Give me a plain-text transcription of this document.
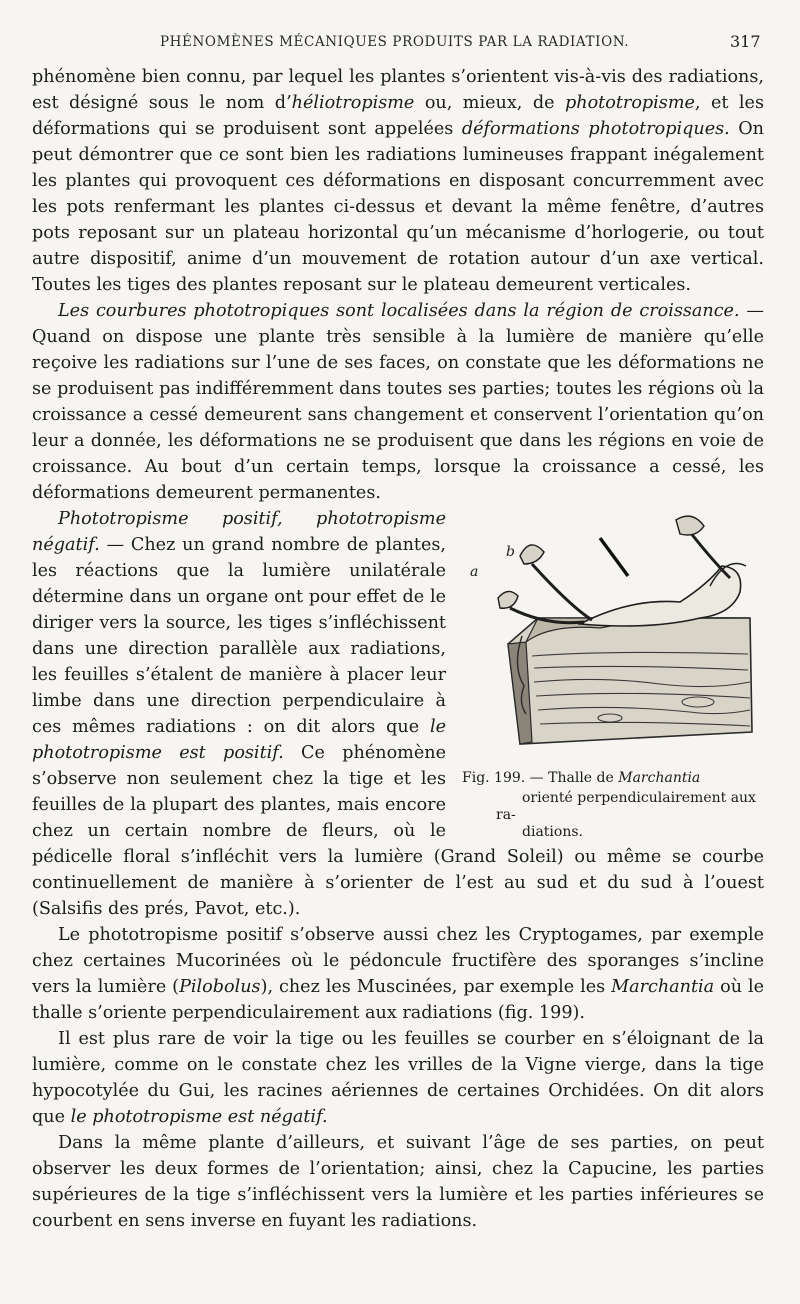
PHÉNOMÈNES MÉCANIQUES PRODUITS PAR LA RADIATION.	317

phénomène bien connu, par lequel les plantes s’orientent vis-à-vis des radiations, est désigné sous le nom d’héliotropisme ou, mieux, de phototropisme, et les déformations qui se produisent sont appelées déformations phototropiques. On peut démontrer que ce sont bien les radiations lumineuses frappant inégalement les plantes qui provoquent ces déformations en disposant concurremment avec les pots renfermant les plantes ci-dessus et devant la même fenêtre, d’autres pots reposant sur un plateau horizontal qu’un mécanisme d’horlogerie, ou tout autre dispositif, anime d’un mouvement de rotation autour d’un axe vertical. Toutes les tiges des plantes reposant sur le plateau demeurent verticales.

Les courbures phototropiques sont localisées dans la région de croissance. — Quand on dispose une plante très sensible à la lumière de manière qu’elle reçoive les radiations sur l’une de ses faces, on constate que les déformations ne se produisent pas indifféremment dans toutes ses parties; toutes les régions où la croissance a cessé demeurent sans changement et conservent l’orientation qu’on leur a donnée, les déformations ne se produisent que dans les régions en voie de croissance. Au bout d’un certain temps, lorsque la croissance a cessé, les déformations demeurent permanentes.

b
a
Fig. 199. — Thalle de Marchantia
orienté perpendiculairement aux ra-
diations.
Phototropisme positif, phototropisme négatif. — Chez un grand nombre de plantes, les réactions que la lumière unilatérale détermine dans un organe ont pour effet de le diriger vers la source, les tiges s’infléchissent dans une direction parallèle aux radiations, les feuilles s’étalent de manière à placer leur limbe dans une direction perpendiculaire à ces mêmes radiations : on dit alors que le phototropisme est positif. Ce phénomène s’observe non seulement chez la tige et les feuilles de la plupart des plantes, mais encore chez un certain nombre de fleurs, où le pédicelle floral s’infléchit vers la lumière (Grand Soleil) ou même se courbe continuellement de manière à s’orienter de l’est au sud et du sud à l’ouest (Salsifis des prés, Pavot, etc.).

Le phototropisme positif s’observe aussi chez les Cryptogames, par exemple chez certaines Mucorinées où le pédoncule fructifère des sporanges s’incline vers la lumière (Pilobolus), chez les Muscinées, par exemple les Marchantia où le thalle s’oriente perpendiculairement aux radiations (fig. 199).

Il est plus rare de voir la tige ou les feuilles se courber en s’éloignant de la lumière, comme on le constate chez les vrilles de la Vigne vierge, dans la tige hypocotylée du Gui, les racines aériennes de certaines Orchidées. On dit alors que le phototropisme est négatif.

Dans la même plante d’ailleurs, et suivant l’âge de ses parties, on peut observer les deux formes de l’orientation; ainsi, chez la Capucine, les parties supérieures de la tige s’infléchissent vers la lumière et les parties inférieures se courbent en sens inverse en fuyant les radiations.
